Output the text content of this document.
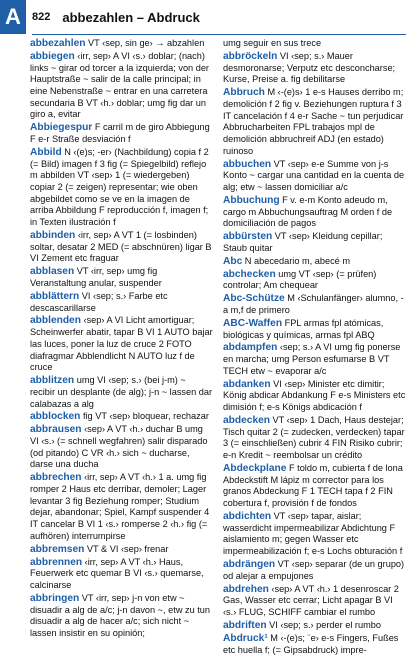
A	822 abbezahlen – Abdruck

abbezahlen VT ‹sep, sin ge› → abzahlen

abbiegen ‹irr, sep› A VI ‹s.› doblar; (nach) links ~ girar od torcer a la izquierda; von der Hauptstraße ~ salir de la calle principal; in eine Nebenstraße ~ entrar en una carretera secundaria B VT ‹h.› doblar; umg fig dar un giro a, evitar

Abbiegespur F carril m de giro Abbiegung F e-r Straße desviación f

Abbild N ‹(e)s; -er› (Nachbildung) copia f 2 (= Bild) imagen f 3 fig (= Spiegelbild) reflejo m abbilden VT ‹sep› 1 (= wiedergeben) copiar 2 (= zeigen) representar; wie oben abgebildet como se ve en la imagen de arriba Abbildung F reproducción f, imagen f; in Texten ilustración f

abbinden ‹irr, sep› A VT 1 (= losbinden) soltar, desatar 2 MED (= abschnüren) ligar B VI Zement etc fraguar

abblasen VT ‹irr, sep› umg fig Veranstaltung anular, suspender

abblättern VI ‹sep; s.› Farbe etc descascarillarse

abblenden ‹sep› A VI Licht amortiguar; Scheinwerfer abatir, tapar B VI 1 AUTO bajar las luces, poner la luz de cruce 2 FOTO diafragmar Abblendlicht N AUTO luz f de cruce

abblitzen umg VI ‹sep; s.› (bei j-m) ~ recibir un desplante (de alg); j-n ~ lassen dar calabazas a alg

abblocken fig VT ‹sep› bloquear, rechazar

abbrausen ‹sep› A VT ‹h.› duchar B umg VI ‹s.› (= schnell wegfahren) salir disparado (od pitando) C VR ‹h.› sich ~ ducharse, darse una ducha

abbrechen ‹irr, sep› A VT ‹h.› 1 a. umg fig romper 2 Haus etc derribar, demoler; Lager levantar 3 fig Beziehung romper; Studium dejar, abandonar; Spiel, Kampf suspender 4 IT cancelar B VI 1 ‹s.› romperse 2 ‹h.› fig (= aufhören) interrumpirse

abbremsen VT & VI ‹sep› frenar

abbrennen ‹irr, sep› A VT ‹h.› Haus, Feuerwerk etc quemar B VI ‹s.› quemarse, calcinarse

abbringen VT ‹irr, sep› j-n von etw ~ disuadir a alg de a/c; j-n davon ~, etw zu tun disuadir a alg de hacer a/c; sich nicht ~ lassen insistir en su opinión;

umg seguir en sus trece

abbröckeln VI ‹sep; s.› Mauer desmoronarse; Verputz etc desconcharse; Kurse, Preise a. fig debilitarse

Abbruch M ‹-(e)s› 1 e-s Hauses derribo m; demolición f 2 fig v. Beziehungen ruptura f 3 IT cancelación f 4 e-r Sache ~ tun perjudicar Abbrucharbeiten FPL trabajos mpl de demolición abbruchreif ADJ (en estado) ruinoso

abbuchen VT ‹sep› e-e Summe von j-s Konto ~ cargar una cantidad en la cuenta de alg; etw ~ lassen domiciliar a/c

Abbuchung F v. e-m Konto adeudo m, cargo m Abbuchungsauftrag M orden f de domiciliación de pagos

abbürsten VT ‹sep› Kleidung cepillar; Staub quitar

Abc N abecedario m, abecé m

abchecken umg VT ‹sep› (= prüfen) controlar; Am chequear

Abc-Schütze M ‹Schulanfänger› alumno, -a m,f de primero

ABC-Waffen FPL armas fpl atómicas, biológicas y químicas, armas fpl ABQ

abdampfen ‹sep; s.› A VI umg fig ponerse en marcha; umg Person esfumarse B VT TECH etw ~ evaporar a/c

abdanken VI ‹sep› Minister etc dimitir; König abdicar Abdankung F e-s Ministers etc dimisión f; e-s Königs abdicación f

abdecken VT ‹sep› 1 Dach, Haus destejar; Tisch quitar 2 (= zudecken, verdecken) tapar 3 (= einschließen) cubrir 4 FIN Risiko cubrir; e-n Kredit ~ reembolsar un crédito

Abdeckplane F toldo m, cubierta f de lona Abdeckstift M lápiz m corrector para los granos Abdeckung F 1 TECH tapa f 2 FIN cobertura f, provisión f de fondos

abdichten VT ‹sep› tapar, aislar; wasserdicht impermeabilizar Abdichtung F aislamiento m; gegen Wasser etc impermeabilización f; e-s Lochs obturación f

abdrängen VT ‹sep› separar (de un grupo) od alejar a empujones

abdrehen ‹sep› A VT ‹h.› 1 desenroscar 2 Gas, Wasser etc cerrar; Licht apagar B VI ‹s.› FLUG, SCHIFF cambiar el rumbo

abdriften VI ‹sep; s.› perder el rumbo

Abdruck¹ M ‹-(e)s; ¨e› e-s Fingers, Fußes etc huella f; (= Gipsabdruck) impre-
